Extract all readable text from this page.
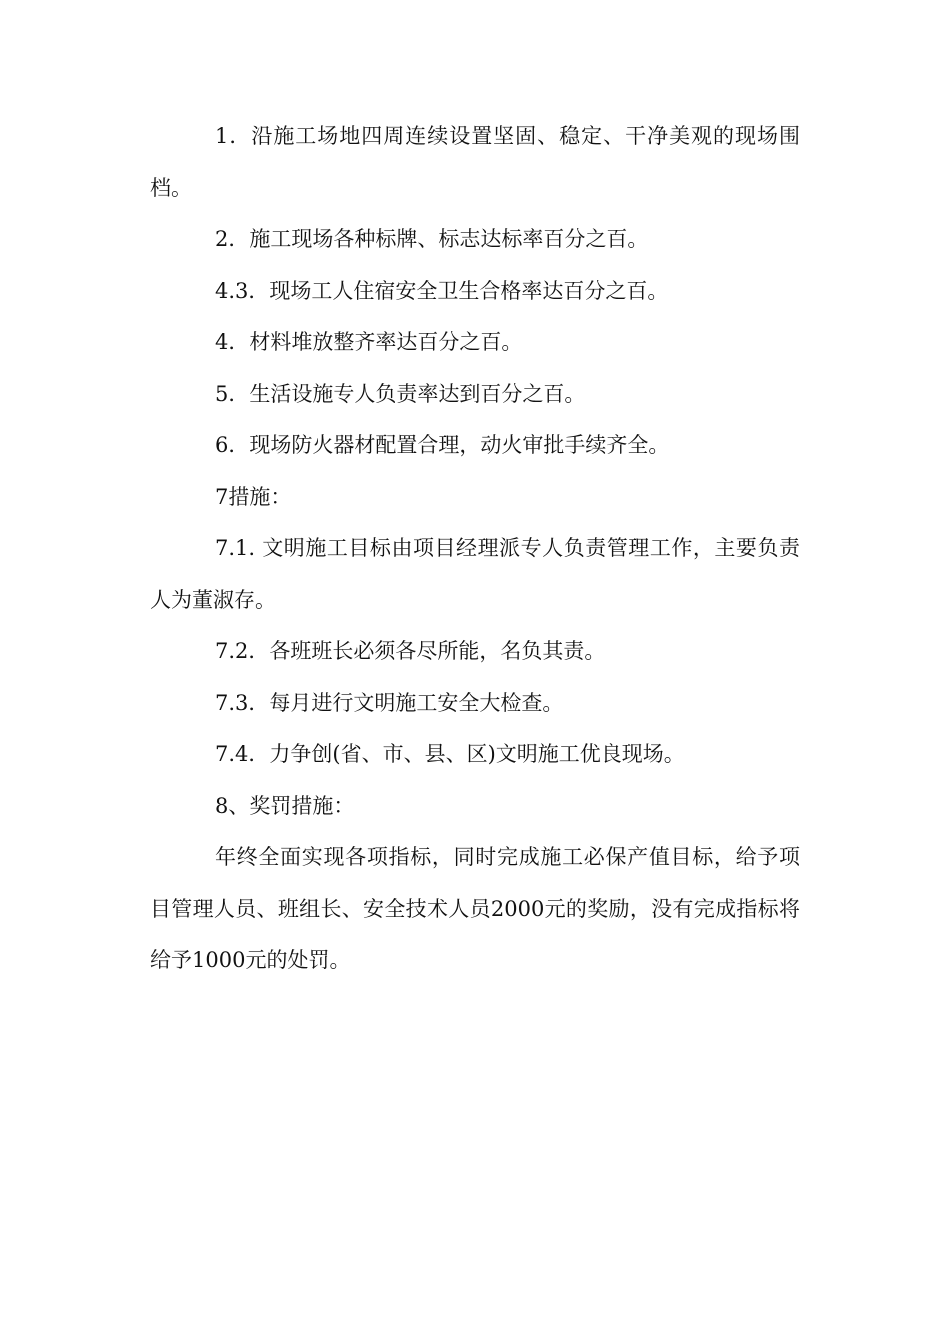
1．沿施工场地四周连续设置坚固、稳定、干净美观的现场围档。

2．施工现场各种标牌、标志达标率百分之百。

4.3．现场工人住宿安全卫生合格率达百分之百。

4．材料堆放整齐率达百分之百。

5．生活设施专人负责率达到百分之百。

6．现场防火器材配置合理，动火审批手续齐全。

7措施：

7.1. 文明施工目标由项目经理派专人负责管理工作，主要负责人为董淑存。

7.2．各班班长必须各尽所能，名负其责。

7.3．每月进行文明施工安全大检查。

7.4．力争创(省、市、县、区)文明施工优良现场。

8、奖罚措施：

年终全面实现各项指标，同时完成施工必保产值目标，给予项目管理人员、班组长、安全技术人员2000元的奖励，没有完成指标将给予1000元的处罚。
